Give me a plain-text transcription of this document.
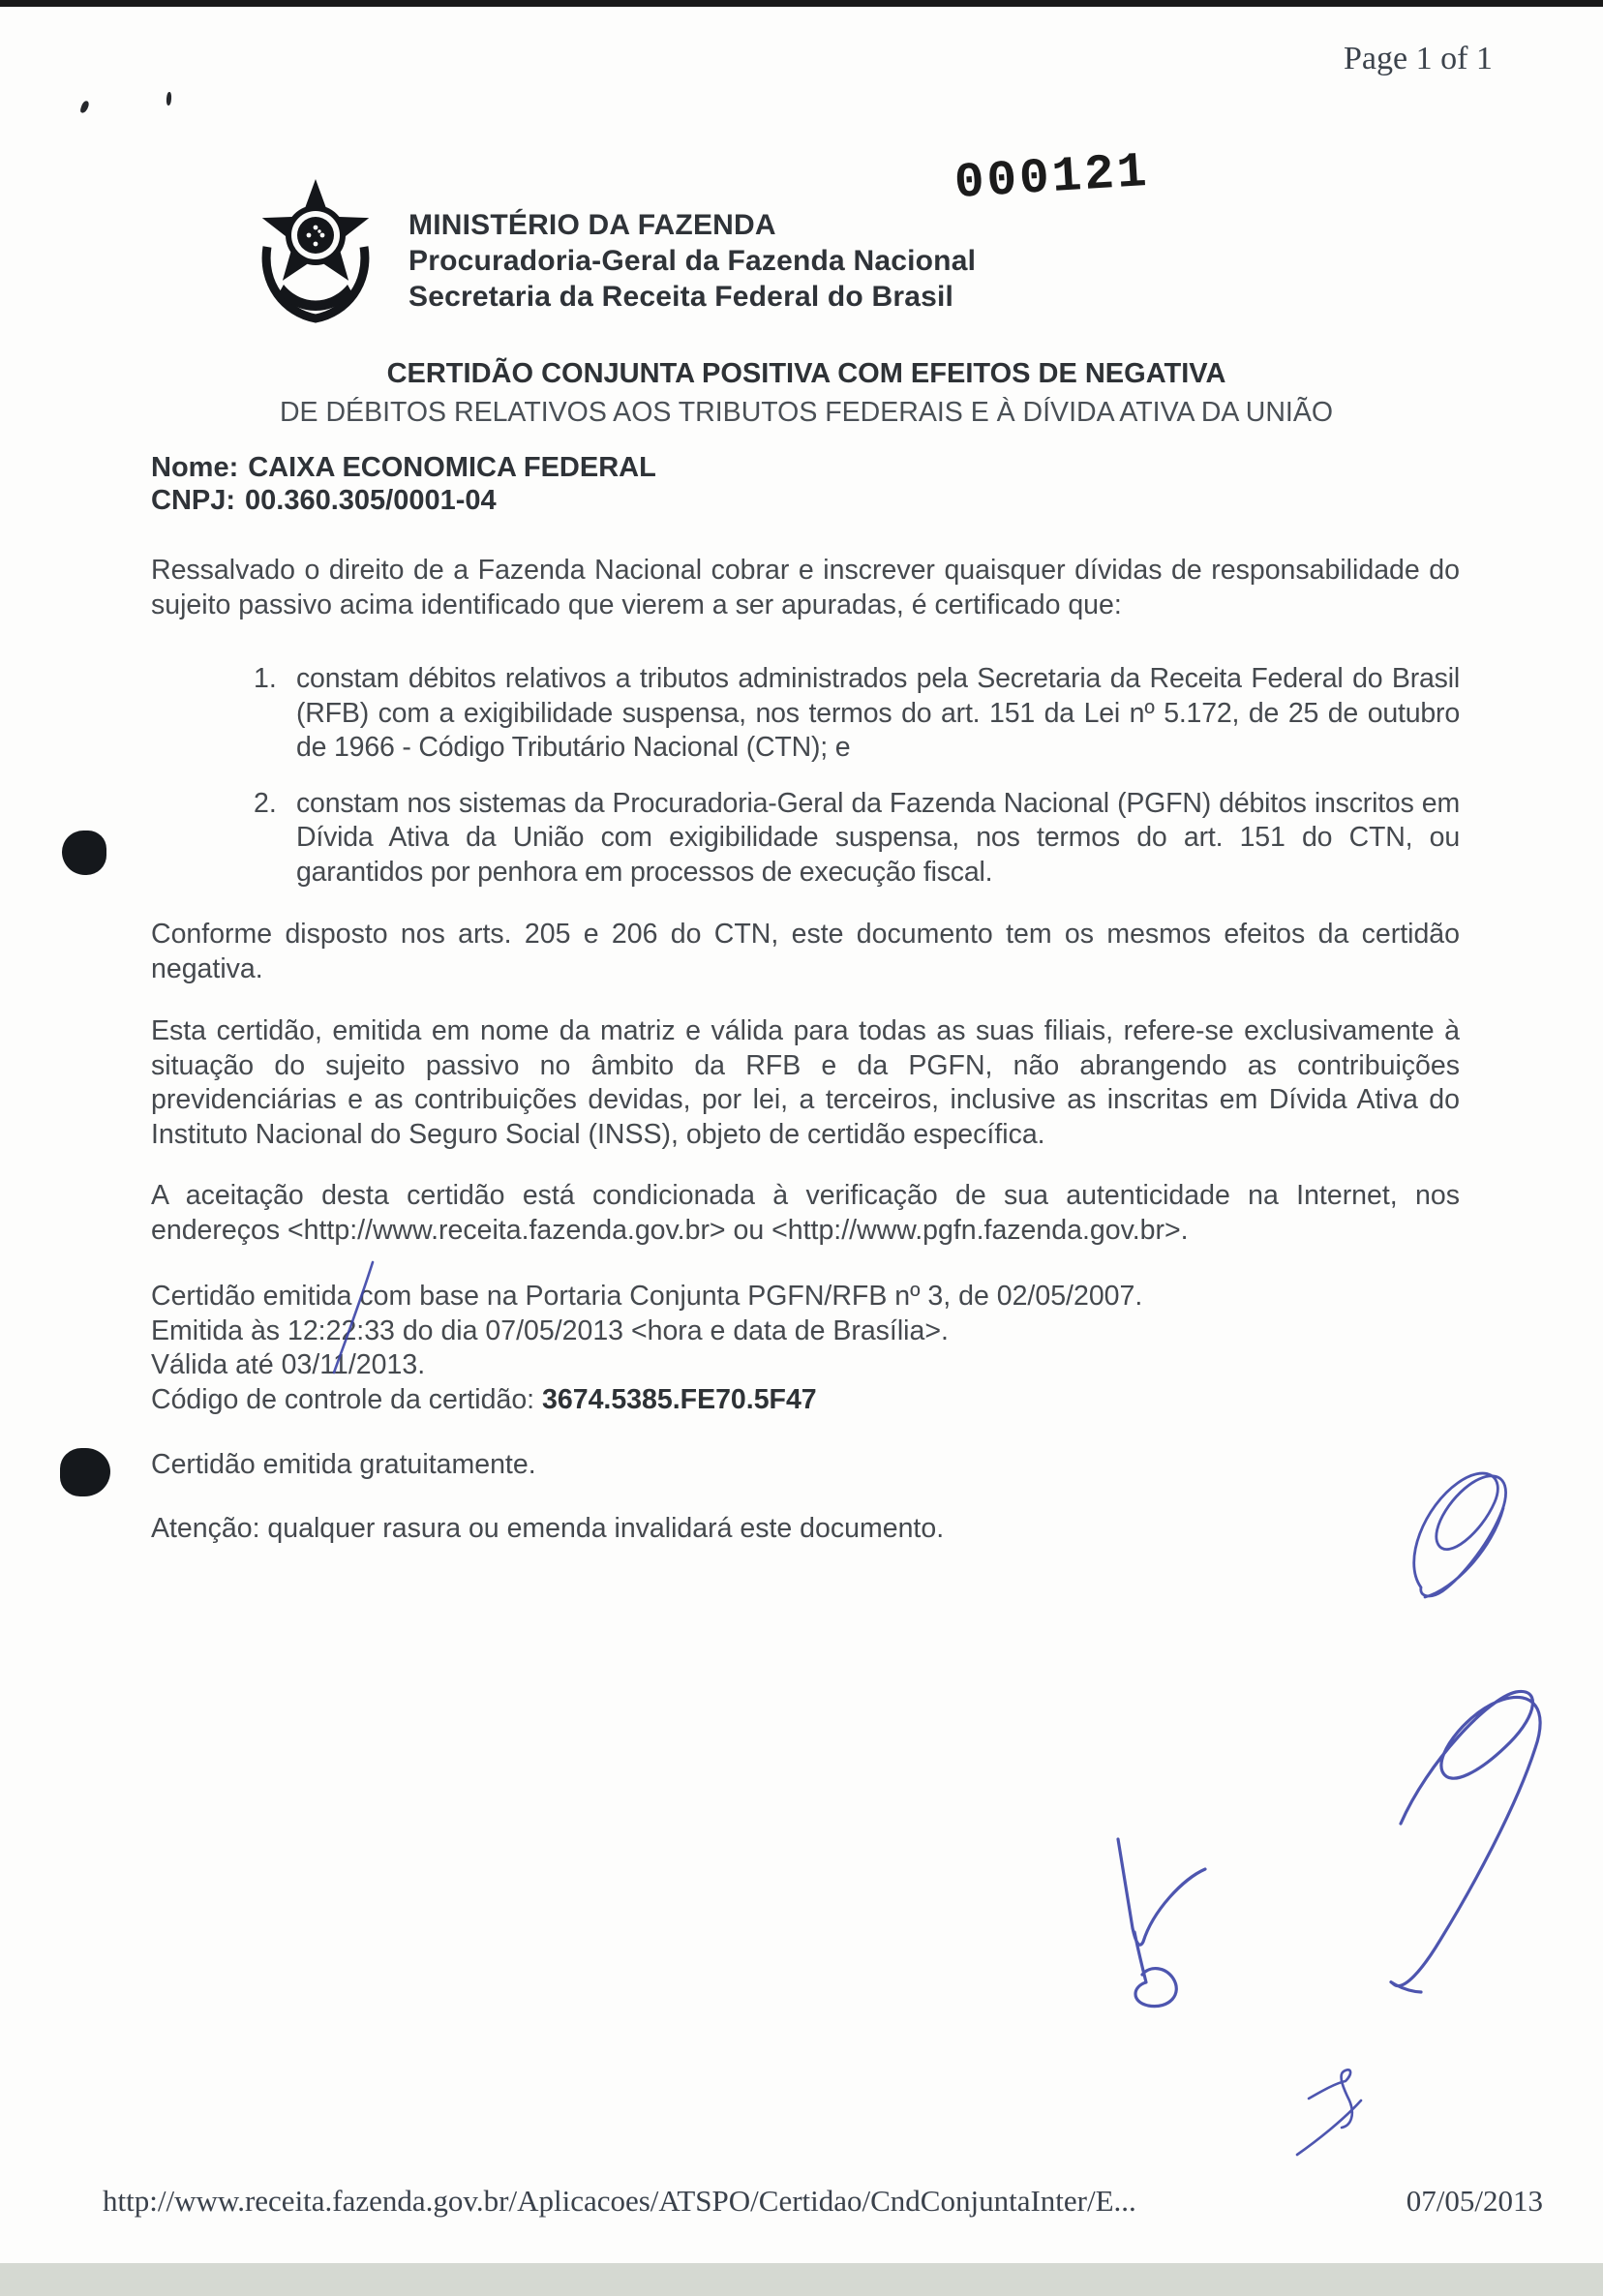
Page 1 of 1
MINISTÉRIO DA FAZENDA
Procuradoria-Geral da Fazenda Nacional
Secretaria da Receita Federal do Brasil
000121
CERTIDÃO CONJUNTA POSITIVA COM EFEITOS DE NEGATIVA
DE DÉBITOS RELATIVOS AOS TRIBUTOS FEDERAIS E À DÍVIDA ATIVA DA UNIÃO
Nome: CAIXA ECONOMICA FEDERAL
CNPJ: 00.360.305/0001-04
Ressalvado o direito de a Fazenda Nacional cobrar e inscrever quaisquer dívidas de responsabilidade do sujeito passivo acima identificado que vierem a ser apuradas, é certificado que:
1. constam débitos relativos a tributos administrados pela Secretaria da Receita Federal do Brasil (RFB) com a exigibilidade suspensa, nos termos do art. 151 da Lei nº 5.172, de 25 de outubro de 1966 - Código Tributário Nacional (CTN); e
2. constam nos sistemas da Procuradoria-Geral da Fazenda Nacional (PGFN) débitos inscritos em Dívida Ativa da União com exigibilidade suspensa, nos termos do art. 151 do CTN, ou garantidos por penhora em processos de execução fiscal.
Conforme disposto nos arts. 205 e 206 do CTN, este documento tem os mesmos efeitos da certidão negativa.
Esta certidão, emitida em nome da matriz e válida para todas as suas filiais, refere-se exclusivamente à situação do sujeito passivo no âmbito da RFB e da PGFN, não abrangendo as contribuições previdenciárias e as contribuições devidas, por lei, a terceiros, inclusive as inscritas em Dívida Ativa do Instituto Nacional do Seguro Social (INSS), objeto de certidão específica.
A aceitação desta certidão está condicionada à verificação de sua autenticidade na Internet, nos endereços <http://www.receita.fazenda.gov.br> ou <http://www.pgfn.fazenda.gov.br>.
Certidão emitida com base na Portaria Conjunta PGFN/RFB nº 3, de 02/05/2007.
Emitida às 12:22:33 do dia 07/05/2013 <hora e data de Brasília>.
Válida até 03/11/2013.
Código de controle da certidão: 3674.5385.FE70.5F47
Certidão emitida gratuitamente.
Atenção: qualquer rasura ou emenda invalidará este documento.
http://www.receita.fazenda.gov.br/Aplicacoes/ATSPO/Certidao/CndConjuntaInter/E...	07/05/2013
